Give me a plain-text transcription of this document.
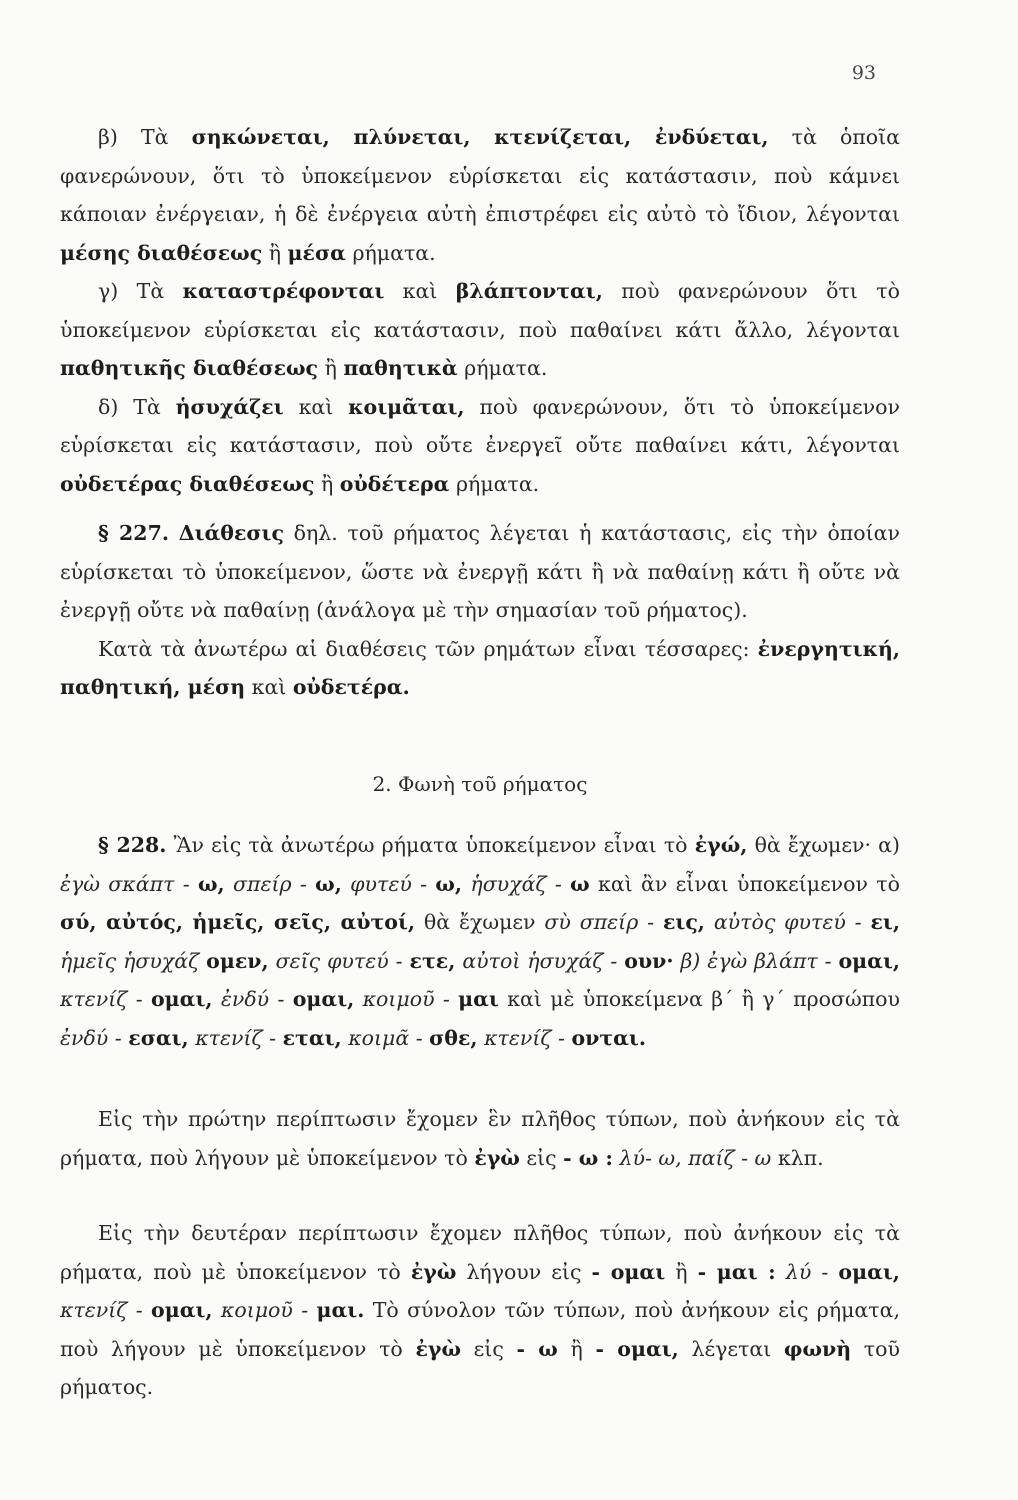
93

β) Τὰ σηκώνεται, πλύνεται, κτενίζεται, ἐνδύεται, τὰ ὁποῖα φανερώνουν, ὅτι τὸ ὑποκείμενον εὑρίσκεται εἰς κατάστασιν, ποὺ κάμνει κάποιαν ἐνέργειαν, ἡ δὲ ἐνέργεια αὐτὴ ἐπιστρέφει εἰς αὐτὸ τὸ ἴδιον, λέγονται μέσης διαθέσεως ἢ μέσα ρήματα.

γ) Τὰ καταστρέφονται καὶ βλάπτονται, ποὺ φανερώνουν ὅτι τὸ ὑποκείμενον εὑρίσκεται εἰς κατάστασιν, ποὺ παθαίνει κάτι ἄλλο, λέγονται παθητικῆς διαθέσεως ἢ παθητικὰ ρήματα.

δ) Τὰ ἡσυχάζει καὶ κοιμᾶται, ποὺ φανερώνουν, ὅτι τὸ ὑποκείμενον εὑρίσκεται εἰς κατάστασιν, ποὺ οὔτε ἐνεργεῖ οὔτε παθαίνει κάτι, λέγονται οὐδετέρας διαθέσεως ἢ οὐδέτερα ρήματα.

§ 227. Διάθεσις δηλ. τοῦ ρήματος λέγεται ἡ κατάστασις, εἰς τὴν ὁποίαν εὑρίσκεται τὸ ὑποκείμενον, ὥστε νὰ ἐνεργῇ κάτι ἢ νὰ παθαίνῃ κάτι ἢ οὔτε νὰ ἐνεργῇ οὔτε νὰ παθαίνῃ (ἀνάλογα μὲ τὴν σημασίαν τοῦ ρήματος).

Κατὰ τὰ ἀνωτέρω αἱ διαθέσεις τῶν ρημάτων εἶναι τέσσαρες: ἐνεργητική, παθητική, μέση καὶ οὐδετέρα.

2. Φωνὴ τοῦ ρήματος

§ 228. Ἂν εἰς τὰ ἀνωτέρω ρήματα ὑποκείμενον εἶναι τὸ ἐγώ, θὰ ἔχωμεν· α) ἐγὼ σκάπτ - ω, σπείρ - ω, φυτεύ - ω, ἡσυχάζ - ω καὶ ἂν εἶναι ὑποκείμενον τὸ σύ, αὐτός, ἡμεῖς, σεῖς, αὐτοί, θὰ ἔχωμεν σὺ σπείρ - εις, αὐτὸς φυτεύ - ει, ἡμεῖς ἡσυχάζ ομεν, σεῖς φυτεύ - ετε, αὐτοὶ ἡσυχάζ - ουν· β) ἐγὼ βλάπτ - ομαι, κτενίζ - ομαι, ἐνδύ - ομαι, κοιμοῦ - μαι καὶ μὲ ὑποκείμενα β΄ ἢ γ΄ προσώπου ἐνδύ - εσαι, κτενίζ - εται, κοιμᾶ - σθε, κτενίζ - ονται.

Εἰς τὴν πρώτην περίπτωσιν ἔχομεν ἓν πλῆθος τύπων, ποὺ ἀνήκουν εἰς τὰ ρήματα, ποὺ λήγουν μὲ ὑποκείμενον τὸ ἐγὼ εἰς - ω : λύ- ω, παίζ - ω κλπ.

Εἰς τὴν δευτέραν περίπτωσιν ἔχομεν πλῆθος τύπων, ποὺ ἀνήκουν εἰς τὰ ρήματα, ποὺ μὲ ὑποκείμενον τὸ ἐγὼ λήγουν εἰς - ομαι ἢ - μαι : λύ - ομαι, κτενίζ - ομαι, κοιμοῦ - μαι. Τὸ σύνολον τῶν τύπων, ποὺ ἀνήκουν εἰς ρήματα, ποὺ λήγουν μὲ ὑποκείμενον τὸ ἐγὼ εἰς - ω ἢ - ομαι, λέγεται φωνὴ τοῦ ρήματος.
